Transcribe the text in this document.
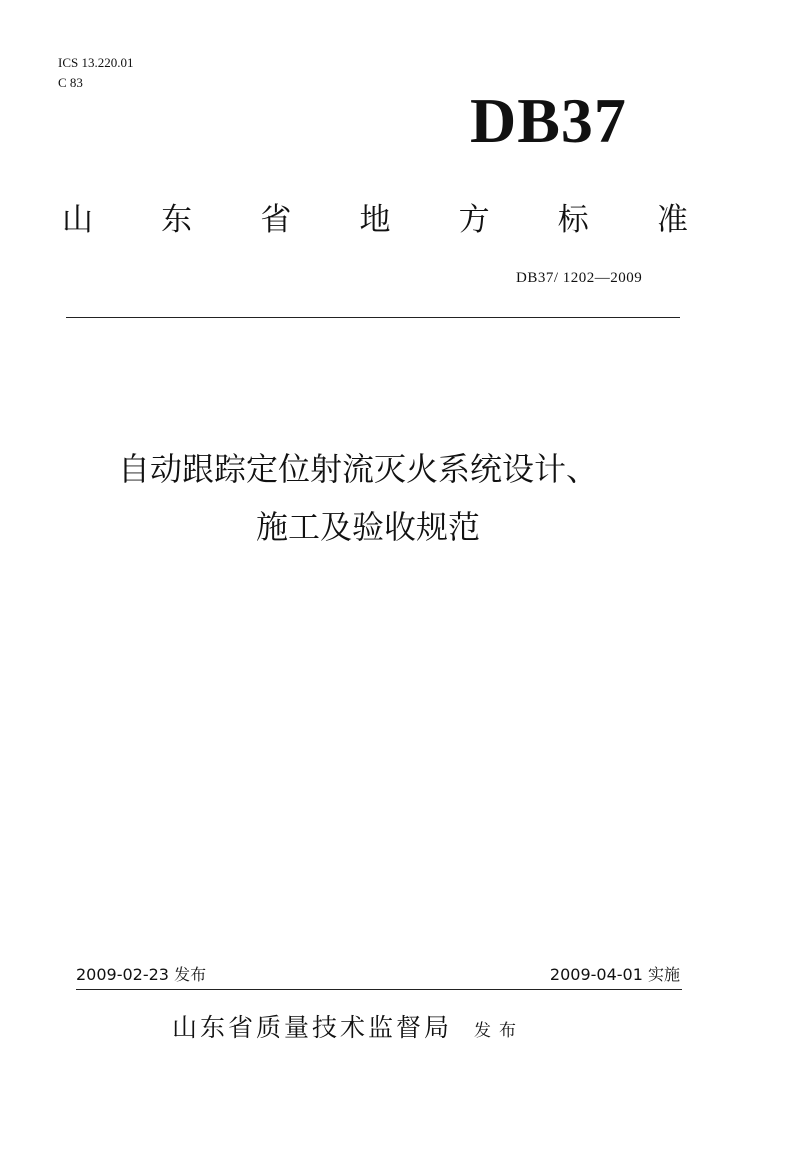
ICS 13.220.01
C 83
DB37
山 东 省 地 方 标 准
DB37/ 1202—2009
自动跟踪定位射流灭火系统设计、
施工及验收规范
2009-02-23 发布	2009-04-01 实施
山东省质量技术监督局 发布
